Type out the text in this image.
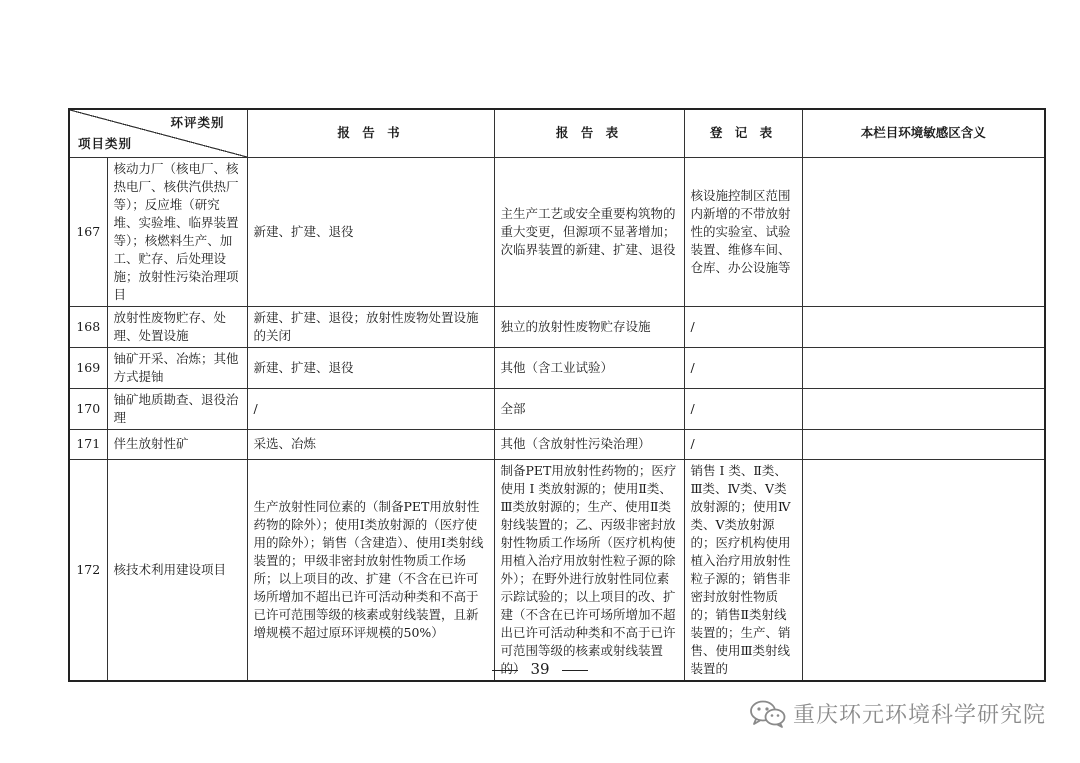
环评类别
项目类别		报 告 书	报 告 表	登 记 表	本栏目环境敏感区含义
167	核动力厂（核电厂、核热电厂、核供汽供热厂等）；反应堆（研究堆、实验堆、临界装置等）；核燃料生产、加工、贮存、后处理设施；放射性污染治理项目	新建、扩建、退役	主生产工艺或安全重要构筑物的重大变更，但源项不显著增加；次临界装置的新建、扩建、退役	核设施控制区范围内新增的不带放射性的实验室、试验装置、维修车间、仓库、办公设施等	
168	放射性废物贮存、处理、处置设施	新建、扩建、退役；放射性废物处置设施的关闭	独立的放射性废物贮存设施	/	
169	铀矿开采、冶炼；其他方式提铀	新建、扩建、退役	其他（含工业试验）	/	
170	铀矿地质勘查、退役治理	/	全部	/	
171	伴生放射性矿	采选、冶炼	其他（含放射性污染治理）	/	
172	核技术利用建设项目	生产放射性同位素的（制备PET用放射性药物的除外）；使用I类放射源的（医疗使用的除外）；销售（含建造）、使用I类射线装置的；甲级非密封放射性物质工作场所；以上项目的改、扩建（不含在已许可场所增加不超出已许可活动种类和不高于已许可范围等级的核素或射线装置，且新增规模不超过原环评规模的50%）	制备PET用放射性药物的；医疗使用 I 类放射源的；使用Ⅱ类、Ⅲ类放射源的；生产、使用Ⅱ类射线装置的；乙、丙级非密封放射性物质工作场所（医疗机构使用植入治疗用放射性粒子源的除外）；在野外进行放射性同位素示踪试验的；以上项目的改、扩建（不含在已许可场所增加不超出已许可活动种类和不高于已许可范围等级的核素或射线装置的）	销售 I 类、Ⅱ类、Ⅲ类、Ⅳ类、Ⅴ类放射源的；使用Ⅳ类、Ⅴ类放射源的；医疗机构使用植入治疗用放射性粒子源的；销售非密封放射性物质的；销售Ⅱ类射线装置的；生产、销售、使用Ⅲ类射线装置的	
39
重庆环元环境科学研究院
